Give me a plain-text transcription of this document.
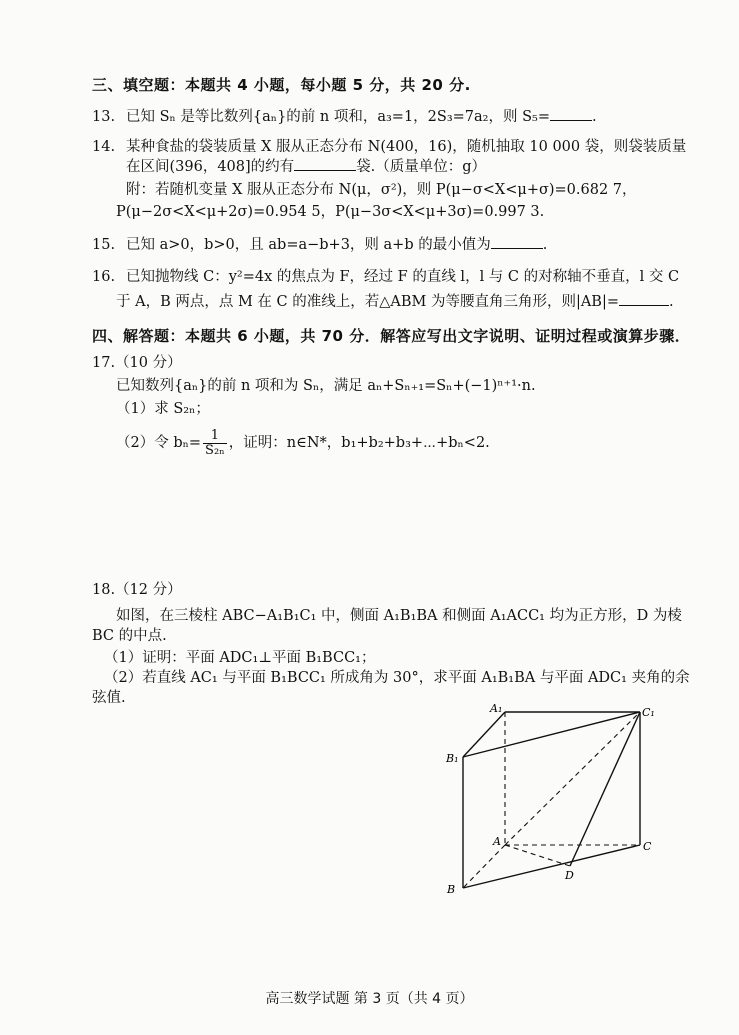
三、填空题：本题共 4 小题，每小题 5 分，共 20 分.
13. 已知 Sₙ 是等比数列{aₙ}的前 n 项和，a₃=1，2S₃=7a₂，则 S₅=	.
14. 某种食盐的袋装质量 X 服从正态分布 N(400，16)，随机抽取 10 000 袋，则袋装质量
在区间(396，408]的约有	袋.（质量单位：g）
附：若随机变量 X 服从正态分布 N(μ，σ²)，则 P(μ−σ<X<μ+σ)=0.682 7，
P(μ−2σ<X<μ+2σ)=0.954 5，P(μ−3σ<X<μ+3σ)=0.997 3.
15. 已知 a>0，b>0，且 ab=a−b+3，则 a+b 的最小值为	.
16. 已知抛物线 C：y²=4x 的焦点为 F，经过 F 的直线 l，l 与 C 的对称轴不垂直，l 交 C
于 A，B 两点，点 M 在 C 的准线上，若△ABM 为等腰直角三角形，则|AB|=	.
四、解答题：本题共 6 小题，共 70 分．解答应写出文字说明、证明过程或演算步骤．
17.（10 分）
已知数列{aₙ}的前 n 项和为 Sₙ，满足 aₙ+Sₙ₊₁=Sₙ+(−1)ⁿ⁺¹·n.
（1）求 S₂ₙ；
（2）令 $b_n= \frac{1}{\text{S₂ₙ}}$ ，证明：n∈N*，b₁+b₂+b₃+⋯+bₙ<2.
18.（12 分）
如图，在三棱柱 ABC−A₁B₁C₁ 中，侧面 A₁B₁BA 和侧面 A₁ACC₁ 均为正方形，D 为棱
BC 的中点.
（1）证明：平面 ADC₁⊥平面 B₁BCC₁；
（2）若直线 AC₁ 与平面 B₁BCC₁ 所成角为 30°，求平面 A₁B₁BA 与平面 ADC₁ 夹角的余
弦值.
A₁	C₁
B₁
A	C
B
D
高三数学试题 第 3 页（共 4 页）
